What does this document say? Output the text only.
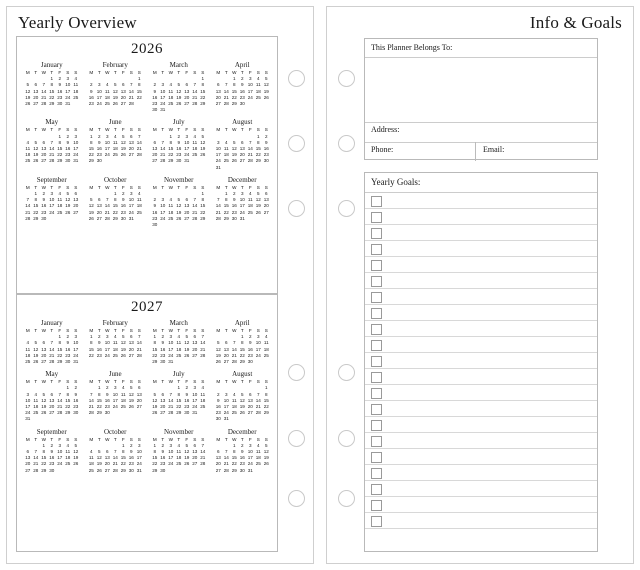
Yearly Overview
2026
January
M	T	W	T	F	S	S
			1	2	3	4
5	6	7	8	9	10	11
12	13	14	15	16	17	18
19	20	21	22	23	24	25
26	27	28	29	30	31	
February
M	T	W	T	F	S	S
						1
2	3	4	5	6	7	8
9	10	11	12	13	14	15
16	17	18	19	20	21	22
23	24	25	26	27	28	
March
M	T	W	T	F	S	S
						1
2	3	4	5	6	7	8
9	10	11	12	13	14	15
16	17	18	19	20	21	22
23	24	25	26	27	28	29
30	31					
April
M	T	W	T	F	S	S
		1	2	3	4	5
6	7	8	9	10	11	12
13	14	15	16	17	18	19
20	21	22	23	24	25	26
27	28	29	30			
May
M	T	W	T	F	S	S
				1	2	3
4	5	6	7	8	9	10
11	12	13	14	15	16	17
18	19	20	21	22	23	24
25	26	27	28	29	30	31
June
M	T	W	T	F	S	S
1	2	3	4	5	6	7
8	9	10	11	12	13	14
15	16	17	18	19	20	21
22	23	24	25	26	27	28
29	30					
July
M	T	W	T	F	S	S
		1	2	3	4	5
6	7	8	9	10	11	12
13	14	15	16	17	18	19
20	21	22	23	24	25	26
27	28	29	30	31		
August
M	T	W	T	F	S	S
					1	2
3	4	5	6	7	8	9
10	11	12	13	14	15	16
17	18	19	20	21	22	23
24	25	26	27	28	29	30
31						
September
M	T	W	T	F	S	S
	1	2	3	4	5	6
7	8	9	10	11	12	13
14	15	16	17	18	19	20
21	22	23	24	25	26	27
28	29	30				
October
M	T	W	T	F	S	S
			1	2	3	4
5	6	7	8	9	10	11
12	13	14	15	16	17	18
19	20	21	22	23	24	25
26	27	28	29	30	31	
November
M	T	W	T	F	S	S
						1
2	3	4	5	6	7	8
9	10	11	12	13	14	15
16	17	18	19	20	21	22
23	24	25	26	27	28	29
30						
December
M	T	W	T	F	S	S
	1	2	3	4	5	6
7	8	9	10	11	12	13
14	15	16	17	18	19	20
21	22	23	24	25	26	27
28	29	30	31			
2027
January
M	T	W	T	F	S	S
				1	2	3
4	5	6	7	8	9	10
11	12	13	14	15	16	17
18	19	20	21	22	23	24
25	26	27	28	29	30	31
February
M	T	W	T	F	S	S
1	2	3	4	5	6	7
8	9	10	11	12	13	14
15	16	17	18	19	20	21
22	23	24	25	26	27	28
March
M	T	W	T	F	S	S
1	2	3	4	5	6	7
8	9	10	11	12	13	14
15	16	17	18	19	20	21
22	23	24	25	26	27	28
29	30	31				
April
M	T	W	T	F	S	S
			1	2	3	4
5	6	7	8	9	10	11
12	13	14	15	16	17	18
19	20	21	22	23	24	25
26	27	28	29	30		
May
M	T	W	T	F	S	S
					1	2
3	4	5	6	7	8	9
10	11	12	13	14	15	16
17	18	19	20	21	22	23
24	25	26	27	28	29	30
31						
June
M	T	W	T	F	S	S
	1	2	3	4	5	6
7	8	9	10	11	12	13
14	15	16	17	18	19	20
21	22	23	24	25	26	27
28	29	30				
July
M	T	W	T	F	S	S
			1	2	3	4
5	6	7	8	9	10	11
12	13	14	15	16	17	18
19	20	21	22	23	24	25
26	27	28	29	30	31	
August
M	T	W	T	F	S	S
						1
2	3	4	5	6	7	8
9	10	11	12	13	14	15
16	17	18	19	20	21	22
23	24	25	26	27	28	29
30	31					
September
M	T	W	T	F	S	S
		1	2	3	4	5
6	7	8	9	10	11	12
13	14	15	16	17	18	19
20	21	22	23	24	25	26
27	28	29	30			
October
M	T	W	T	F	S	S
				1	2	3
4	5	6	7	8	9	10
11	12	13	14	15	16	17
18	19	20	21	22	23	24
25	26	27	28	29	30	31
November
M	T	W	T	F	S	S
1	2	3	4	5	6	7
8	9	10	11	12	13	14
15	16	17	18	19	20	21
22	23	24	25	26	27	28
29	30					
December
M	T	W	T	F	S	S
		1	2	3	4	5
6	7	8	9	10	11	12
13	14	15	16	17	18	19
20	21	22	23	24	25	26
27	28	29	30	31		
Info & Goals
This Planner Belongs To:
Address:
Phone:	Email:
Yearly Goals:
